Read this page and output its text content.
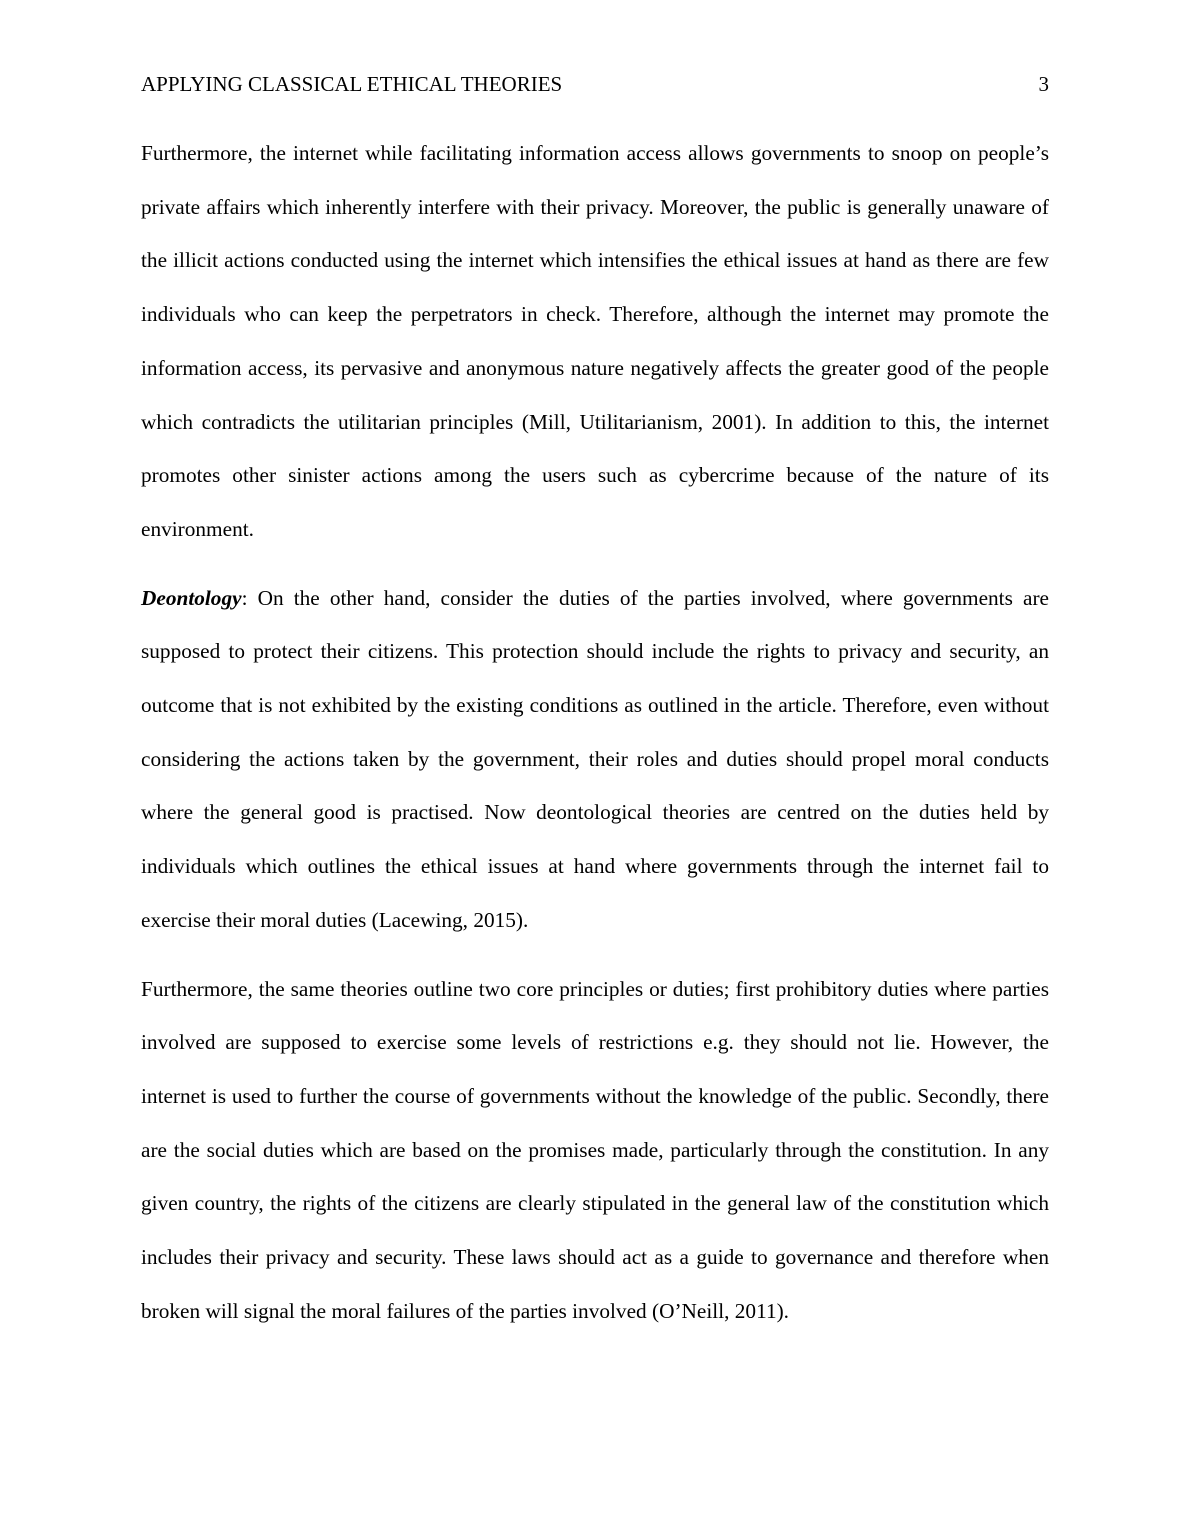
APPLYING CLASSICAL ETHICAL THEORIES	3

Furthermore, the internet while facilitating information access allows governments to snoop on people’s private affairs which inherently interfere with their privacy. Moreover, the public is generally unaware of the illicit actions conducted using the internet which intensifies the ethical issues at hand as there are few individuals who can keep the perpetrators in check. Therefore, although the internet may promote the information access, its pervasive and anonymous nature negatively affects the greater good of the people which contradicts the utilitarian principles (Mill, Utilitarianism, 2001). In addition to this, the internet promotes other sinister actions among the users such as cybercrime because of the nature of its environment.

Deontology: On the other hand, consider the duties of the parties involved, where governments are supposed to protect their citizens. This protection should include the rights to privacy and security, an outcome that is not exhibited by the existing conditions as outlined in the article. Therefore, even without considering the actions taken by the government, their roles and duties should propel moral conducts where the general good is practised. Now deontological theories are centred on the duties held by individuals which outlines the ethical issues at hand where governments through the internet fail to exercise their moral duties (Lacewing, 2015).

Furthermore, the same theories outline two core principles or duties; first prohibitory duties where parties involved are supposed to exercise some levels of restrictions e.g. they should not lie. However, the internet is used to further the course of governments without the knowledge of the public. Secondly, there are the social duties which are based on the promises made, particularly through the constitution. In any given country, the rights of the citizens are clearly stipulated in the general law of the constitution which includes their privacy and security. These laws should act as a guide to governance and therefore when broken will signal the moral failures of the parties involved (O’Neill, 2011).
